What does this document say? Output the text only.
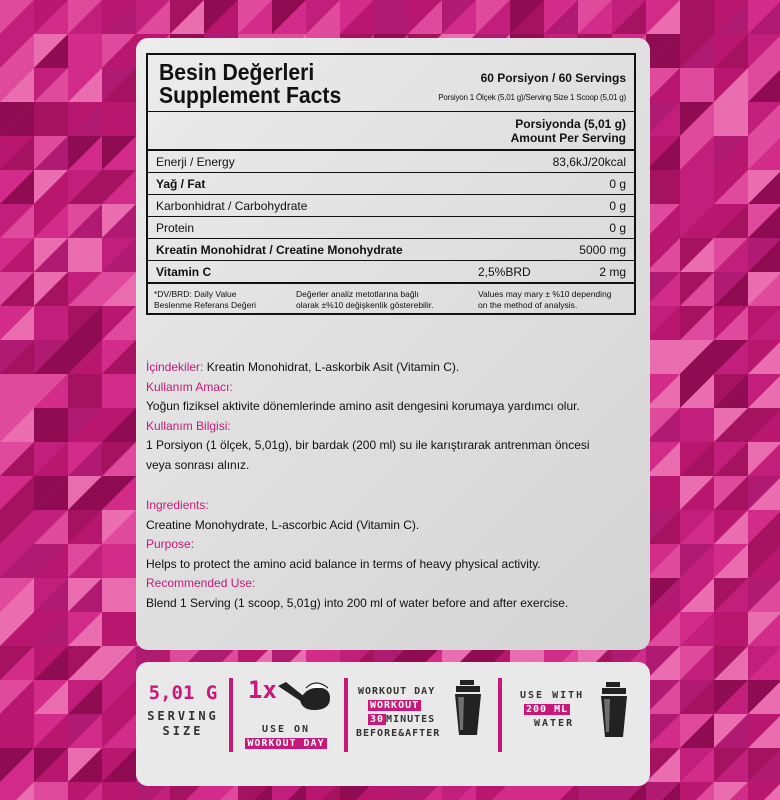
Besin Değerleri
Supplement Facts
60 Porsiyon / 60 Servings
Porsiyon 1 Ölçek (5,01 g)/Serving Size 1 Scoop (5,01 g)
Porsiyonda (5,01 g)
Amount Per Serving
Enerji / Energy	83,6kJ/20kcal
Yağ / Fat	0 g
Karbonhidrat / Carbohydrate	0 g
Protein	0 g
Kreatin Monohidrat / Creatine Monohydrate	5000 mg
Vitamin C	2,5%BRD	2 mg
*DV/BRD: Daily Value
Beslenme Referans Değeri
Değerler analiz metotlarına bağlı
olarak ±%10 değişkenlik gösterebilir.
Values may mary ± %10 depending
on the method of analysis.
İçindekiler: Kreatin Monohidrat, L-askorbik Asit (Vitamin C).
Kullanım Amacı:
Yoğun fiziksel aktivite dönemlerinde amino asit dengesini korumaya yardımcı olur.
Kullanım Bilgisi:
1 Porsiyon (1 ölçek, 5,01g), bir bardak (200 ml) su ile karıştırarak antrenman öncesi
veya sonrası alınız.
Ingredients:
Creatine Monohydrate, L-ascorbic Acid (Vitamin C).
Purpose:
Helps to protect the amino acid balance in terms of heavy physical activity.
Recommended Use:
Blend 1 Serving (1 scoop, 5,01g) into 200 ml of water before and after exercise.
5,01 G
SERVING
SIZE
1x
USE ON
WORKOUT DAY
WORKOUT DAY
WORKOUT
30 MINUTES
BEFORE&AFTER
USE WITH
200 ML
WATER
